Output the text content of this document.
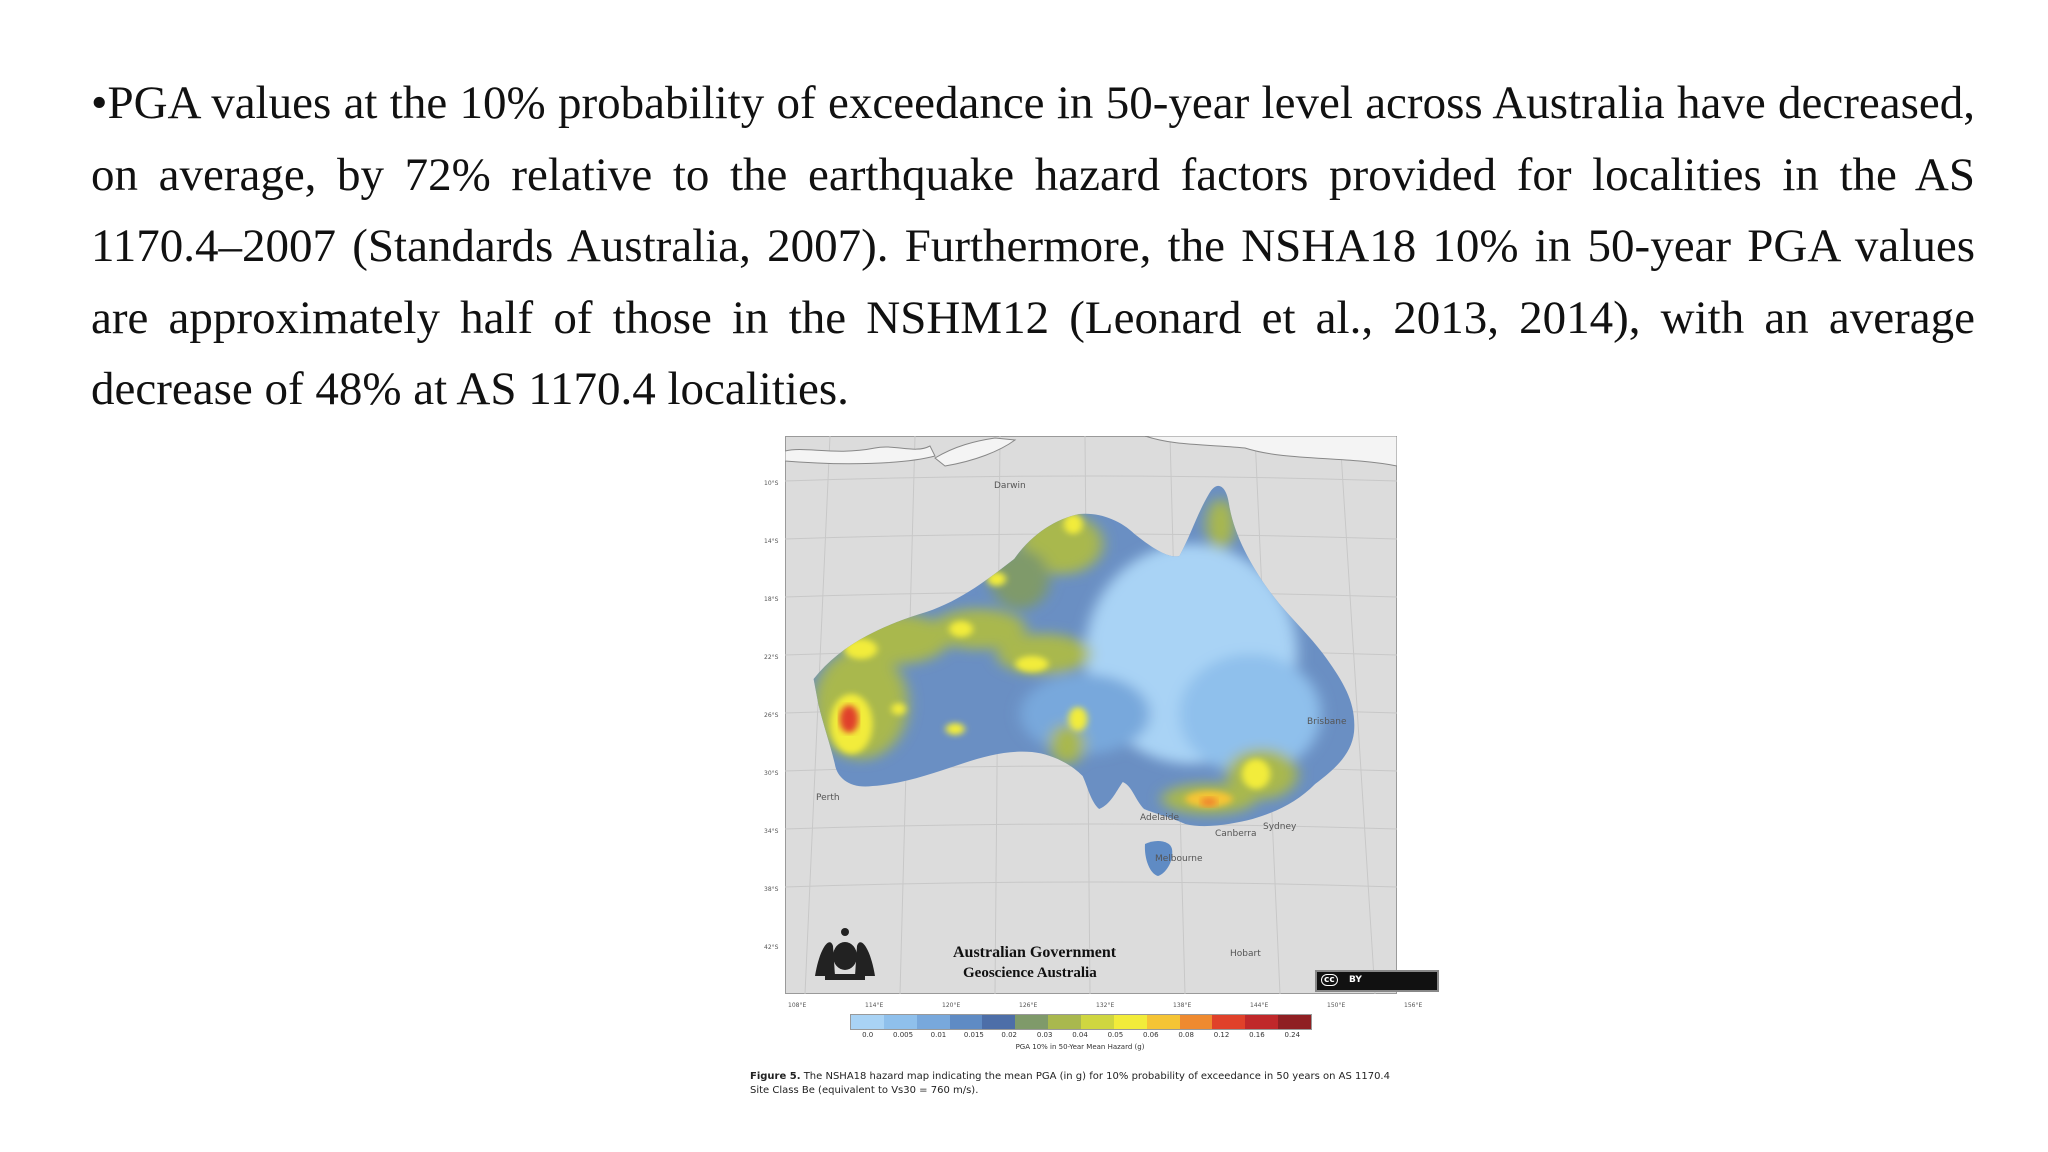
•PGA values at the 10% probability of exceedance in 50-year level across Australia have decreased, on average, by 72% relative to the earthquake hazard factors provided for localities in the AS 1170.4–2007 (Standards Australia, 2007). Furthermore, the NSHA18 10% in 50-year PGA values are approximately half of those in the NSHM12 (Leonard et al., 2013, 2014), with an average decrease of 48% at AS 1170.4 localities.

10°S
14°S
18°S
22°S
26°S
30°S
34°S
38°S
42°S
Darwin
Perth
Adelaide
Melbourne
Canberra
Sydney
Brisbane
Hobart
Australian Government
Geoscience Australia	cc	BY
108°E	114°E	120°E	126°E	132°E	138°E	144°E	150°E	156°E
0.0	0.005	0.01	0.015	0.02	0.03	0.04	0.05	0.06	0.08	0.12	0.16	0.24
PGA 10% in 50-Year Mean Hazard (g)
Figure 5. The NSHA18 hazard map indicating the mean PGA (in g) for 10% probability of exceedance in 50 years on AS 1170.4 Site Class Be (equivalent to Vs30 = 760 m/s).
